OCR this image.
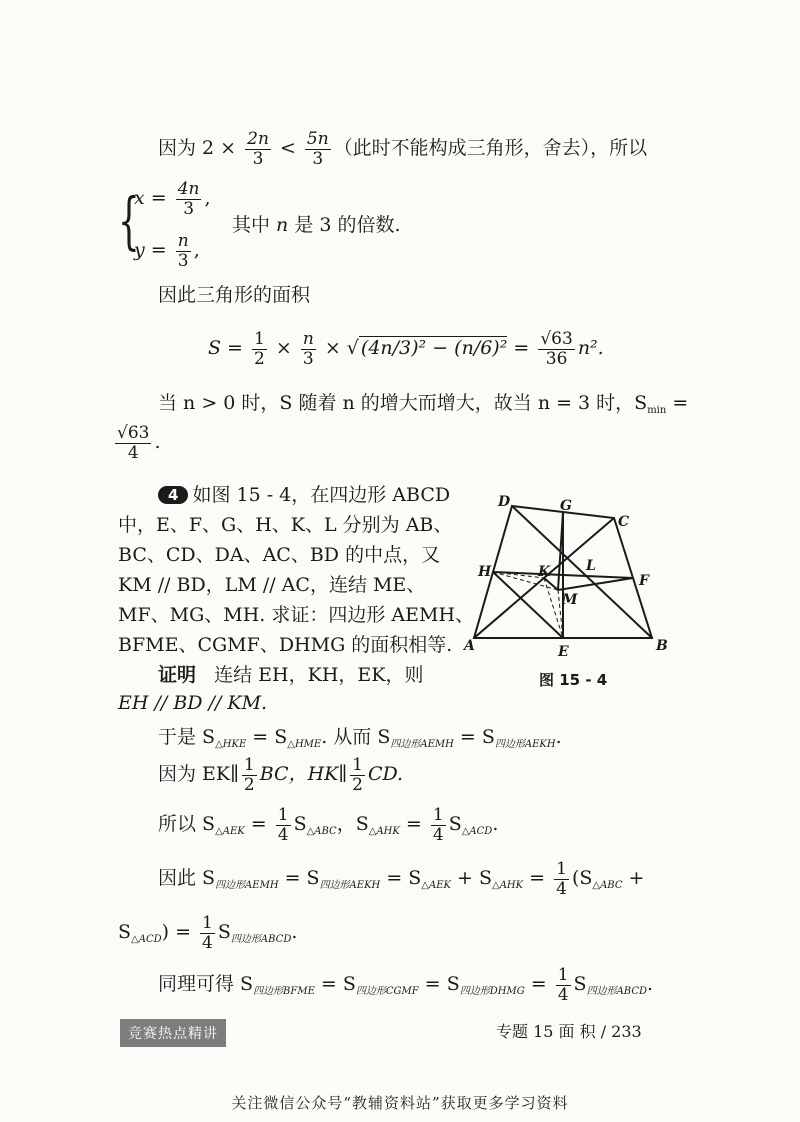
因为 $2 \times \frac{2n}{3} < \frac{5n}{3}$ （此时不能构成三角形，舍去），所以
{
$x = \frac{4n}{3}$ ,
其中 n 是 3 的倍数.
$y = \frac{n}{3}$ ,
因此三角形的面积
$S = \frac{1}{2} \times \frac{n}{3}$ × √ $(4n/3)^2 - (n/6)^2 = \frac{√63}{36} n^2$.
当 n > 0 时，S 随着 n 的增大而增大，故当 n = 3 时，$S_{min}$ =
$\frac{√63}{4}$ .
4 如图 15 - 4，在四边形 ABCD
中，E、F、G、H、K、L 分别为 AB、
BC、CD、DA、AC、BD 的中点，又
KM // BD，LM // AC，连结 ME、
MF、MG、MH. 求证：四边形 AEMH、
BFME、CGMF、DHMG 的面积相等.
证明 连结 EH，KH，EK，则
EH // BD // KM.
A	B
C
D
E
F
G
H	K	L
M
图 15 - 4
于是 $S_{\triangle HKE} = S_{\triangle HME}$. 从而 $S_{四边形AEMH} = S_{四边形AEKH}$.
因为 EK∥ $\frac{1}{2}$ BC，HK∥ $\frac{1}{2}$ CD.
所以 $S_{\triangle AEK} = \frac{1}{4} S_{\triangle ABC}$，$S_{\triangle AHK} = \frac{1}{4} S_{\triangle ACD}$.
因此 $S_{四边形AEMH} = S_{四边形AEKH} = S_{\triangle AEK} + S_{\triangle AHK} = \frac{1}{4} (S_{\triangle ABC}$ +
$S_{\triangle ACD}) = \frac{1}{4} S_{四边形ABCD}$.
同理可得 $S_{四边形BFME} = S_{四边形CGMF} = S_{四边形DHMG} = \frac{1}{4} S_{四边形ABCD}$.
竞赛热点精讲	专题 15 面 积 / 233
关注微信公众号“教辅资料站”获取更多学习资料
